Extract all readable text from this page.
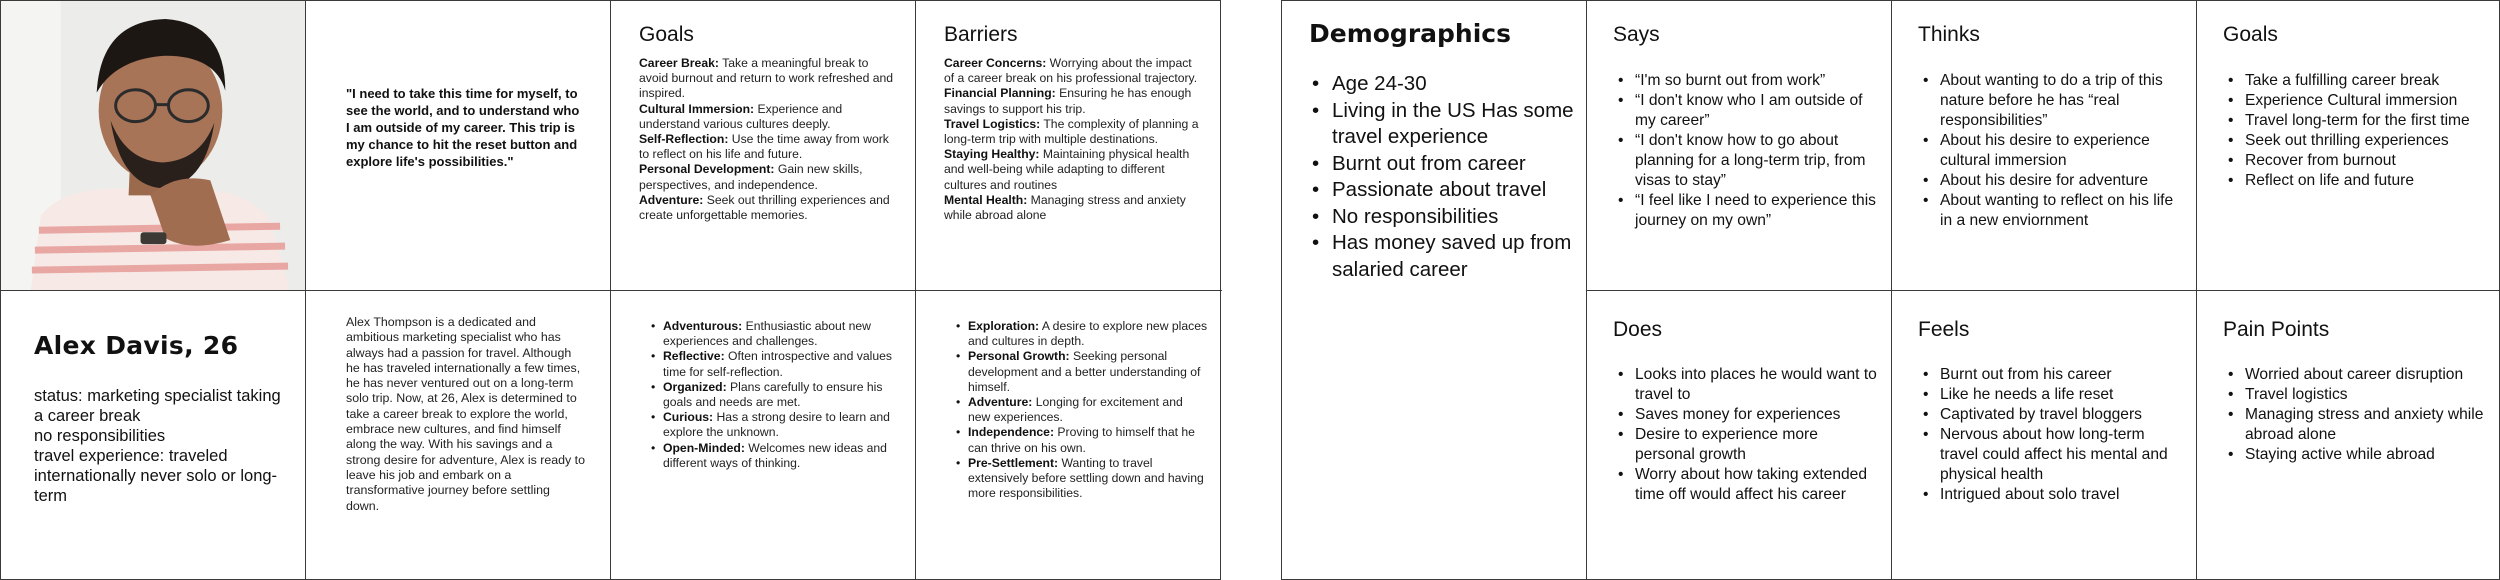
"I need to take this time for myself, to see the world, and to understand who I am outside of my career. This trip is my chance to hit the reset button and explore life's possibilities."
Goals

Career Break: Take a meaningful break to avoid burnout and return to work refreshed and inspired.

Cultural Immersion: Experience and understand various cultures deeply.

Self-Reflection: Use the time away from work to reflect on his life and future.

Personal Development: Gain new skills, perspectives, and independence.

Adventure: Seek out thrilling experiences and create unforgettable memories.

Barriers

Career Concerns: Worrying about the impact of a career break on his professional trajectory.

Financial Planning: Ensuring he has enough savings to support his trip.

Travel Logistics: The complexity of planning a long-term trip with multiple destinations.

Staying Healthy: Maintaining physical health and well-being while adapting to different cultures and routines

Mental Health: Managing stress and anxiety while abroad alone

Alex Davis, 26
status: marketing specialist taking a career break
no responsibilities
travel experience: traveled internationally never solo or long-term
Alex Thompson is a dedicated and ambitious marketing specialist who has always had a passion for travel. Although he has traveled internationally a few times, he has never ventured out on a long-term solo trip. Now, at 26, Alex is determined to take a career break to explore the world, embrace new cultures, and find himself along the way. With his savings and a strong desire for adventure, Alex is ready to leave his job and embark on a transformative journey before settling down.
• Adventurous: Enthusiastic about new experiences and challenges.
• Reflective: Often introspective and values time for self-reflection.
• Organized: Plans carefully to ensure his goals and needs are met.
• Curious: Has a strong desire to learn and explore the unknown.
• Open-Minded: Welcomes new ideas and different ways of thinking.
• Exploration: A desire to explore new places and cultures in depth.
• Personal Growth: Seeking personal development and a better understanding of himself.
• Adventure: Longing for excitement and new experiences.
• Independence: Proving to himself that he can thrive on his own.
• Pre-Settlement: Wanting to travel extensively before settling down and having more responsibilities.
Demographics
• Age 24-30
• Living in the US Has some travel experience
• Burnt out from career
• Passionate about travel
• No responsibilities
• Has money saved up from salaried career
Says
• “I'm so burnt out from work”
• “I don't know who I am outside of my career”
• “I don't know how to go about planning for a long-term trip, from visas to stay”
• “I feel like I need to experience this journey on my own”
Thinks
• About wanting to do a trip of this nature before he has “real responsibilities”
• About his desire to experience cultural immersion
• About his desire for adventure
• About wanting to reflect on his life in a new enviornment
Goals
• Take a fulfilling career break
• Experience Cultural immersion
• Travel long-term for the first time
• Seek out thrilling experiences
• Recover from burnout
• Reflect on life and future
Does
• Looks into places he would want to travel to
• Saves money for experiences
• Desire to experience more personal growth
• Worry about how taking extended time off would affect his career
Feels
• Burnt out from his career
• Like he needs a life reset
• Captivated by travel bloggers
• Nervous about how long-term travel could affect his mental and physical health
• Intrigued about solo travel
Pain Points
• Worried about career disruption
• Travel logistics
• Managing stress and anxiety while abroad alone
• Staying active while abroad
